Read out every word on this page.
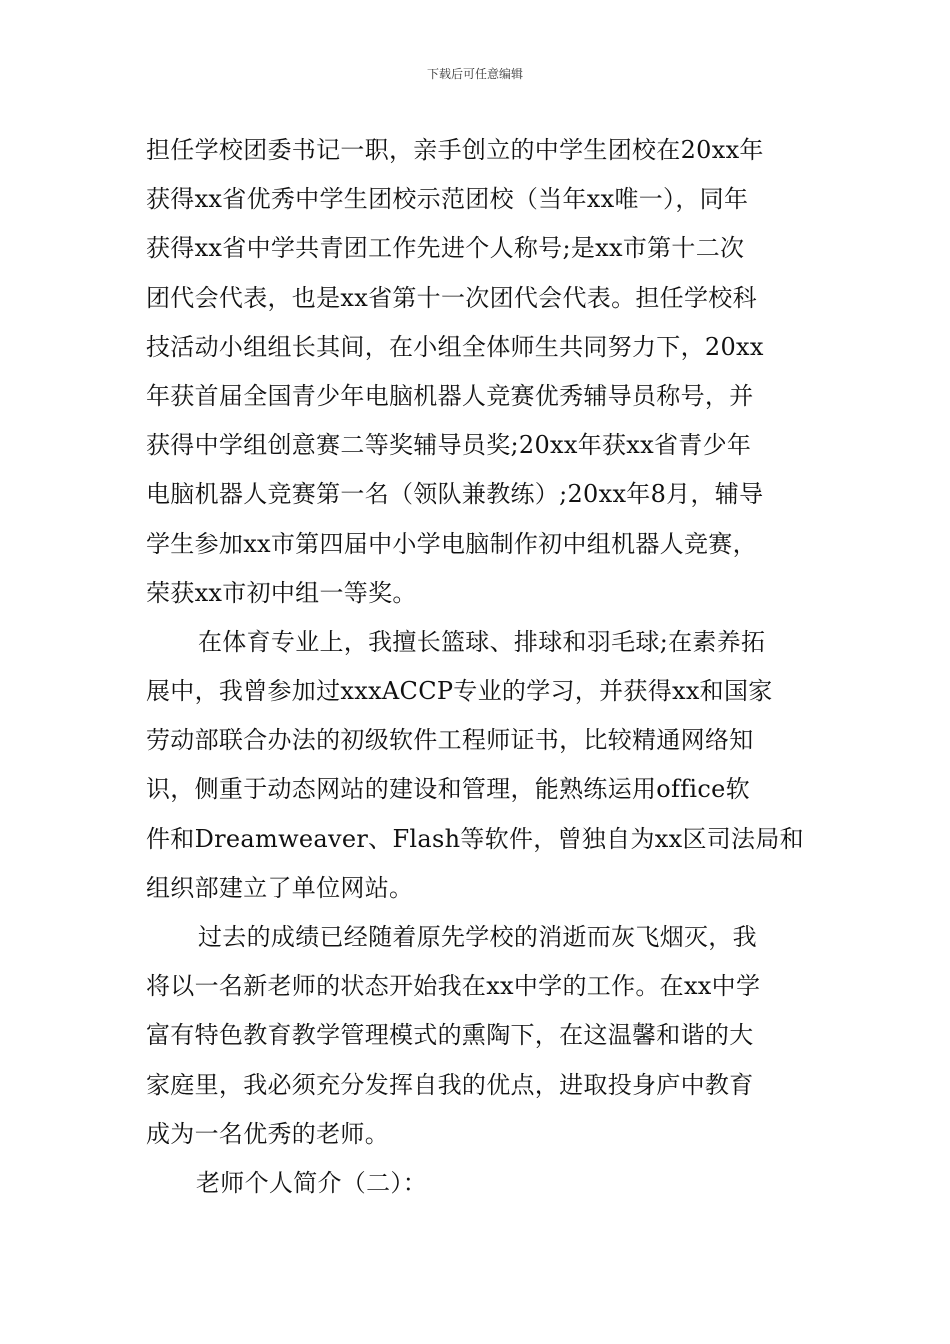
下载后可任意编辑
担任学校团委书记一职，亲手创立的中学生团校在20xx年
获得xx省优秀中学生团校示范团校（当年xx唯一），同年
获得xx省中学共青团工作先进个人称号;是xx市第十二次
团代会代表，也是xx省第十一次团代会代表。担任学校科
技活动小组组长其间，在小组全体师生共同努力下，20xx
年获首届全国青少年电脑机器人竞赛优秀辅导员称号，并
获得中学组创意赛二等奖辅导员奖;20xx年获xx省青少年
电脑机器人竞赛第一名（领队兼教练）;20xx年8月，辅导
学生参加xx市第四届中小学电脑制作初中组机器人竞赛，
荣获xx市初中组一等奖。
在体育专业上，我擅长篮球、排球和羽毛球;在素养拓
展中，我曾参加过xxxACCP专业的学习，并获得xx和国家
劳动部联合办法的初级软件工程师证书，比较精通网络知
识，侧重于动态网站的建设和管理，能熟练运用office软
件和Dreamweaver、Flash等软件，曾独自为xx区司法局和
组织部建立了单位网站。
过去的成绩已经随着原先学校的消逝而灰飞烟灭，我
将以一名新老师的状态开始我在xx中学的工作。在xx中学
富有特色教育教学管理模式的熏陶下，在这温馨和谐的大
家庭里，我必须充分发挥自我的优点，进取投身庐中教育
成为一名优秀的老师。
老师个人简介（二）：
